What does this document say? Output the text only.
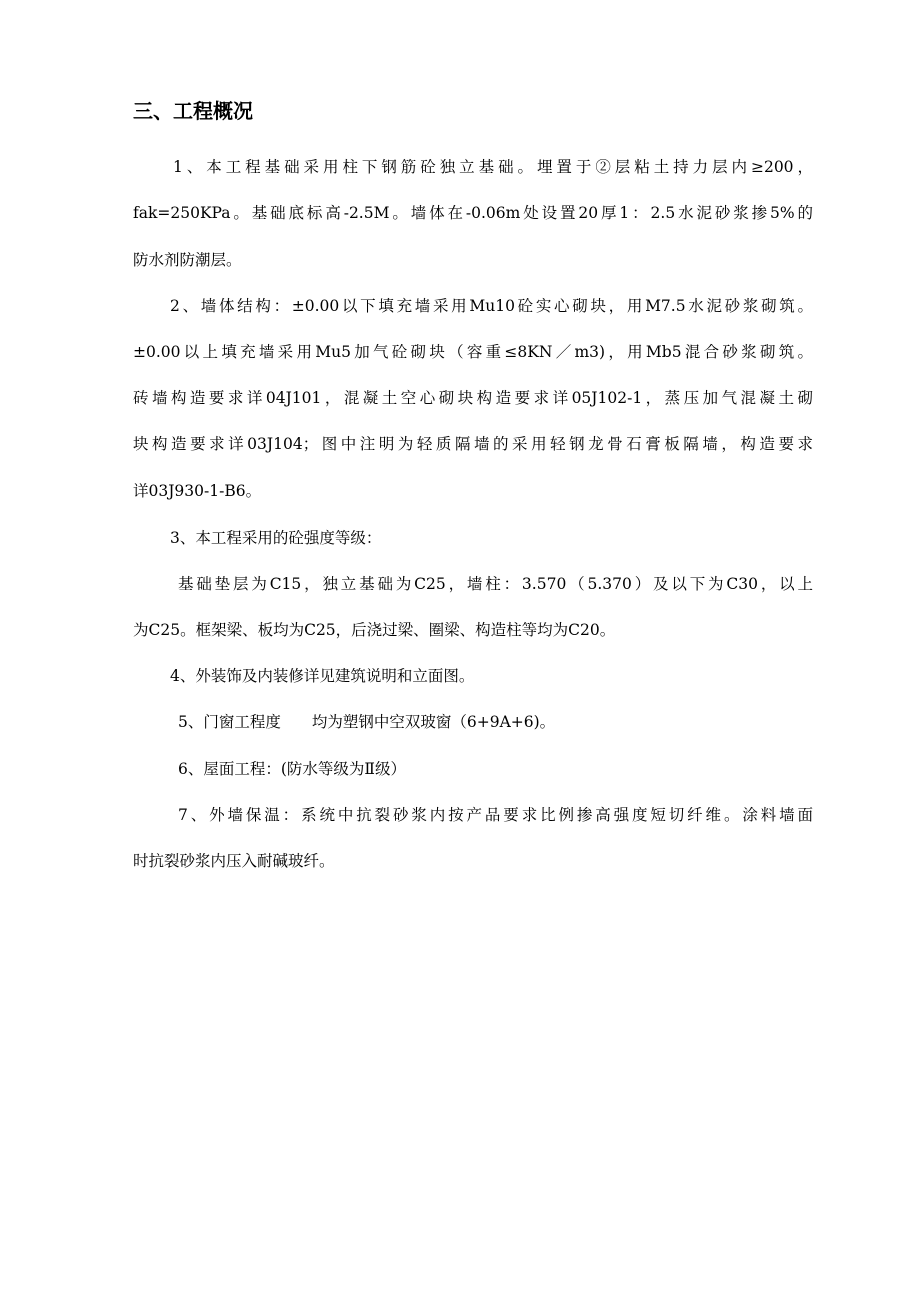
三、工程概况

1、本工程基础采用柱下钢筋砼独立基础。埋置于②层粘土持力层内≥200，

fak=250KPa。基础底标高-2.5M。墙体在-0.06m处设置20厚1：2.5水泥砂浆掺5%的

防水剂防潮层。

2、墙体结构：±0.00以下填充墙采用Mu10砼实心砌块，用M7.5水泥砂浆砌筑。

±0.00以上填充墙采用Mu5加气砼砌块（容重≤8KN／m3)，用Mb5混合砂浆砌筑。

砖墙构造要求详04J101，混凝土空心砌块构造要求详05J102-1，蒸压加气混凝土砌

块构造要求详03J104；图中注明为轻质隔墙的采用轻钢龙骨石膏板隔墙，构造要求

详03J930-1-B6。

3、本工程采用的砼强度等级：

基础垫层为C15，独立基础为C25，墙柱：3.570（5.370）及以下为C30，以上

为C25。框架梁、板均为C25，后浇过梁、圈梁、构造柱等均为C20。

4、外装饰及内装修详见建筑说明和立面图。

5、门窗工程度　　均为塑钢中空双玻窗（6+9A+6)。

6、屋面工程：(防水等级为Ⅱ级）

7、外墙保温：系统中抗裂砂浆内按产品要求比例掺高强度短切纤维。涂料墙面

时抗裂砂浆内压入耐碱玻纤。
